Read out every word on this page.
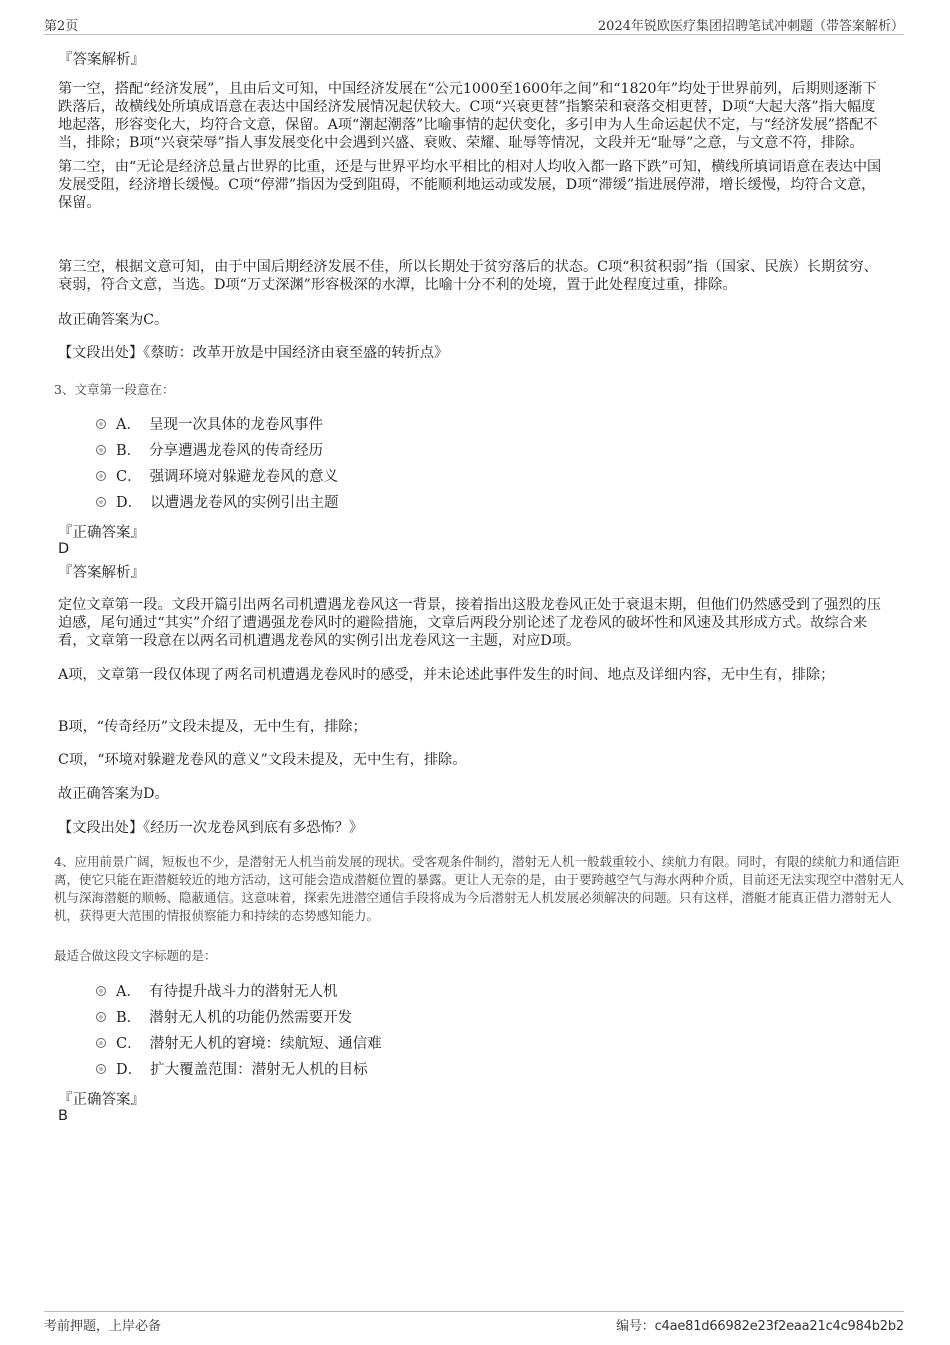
第2页	2024年锐欧医疗集团招聘笔试冲刺题（带答案解析）
『答案解析』
第一空，搭配“经济发展”，且由后文可知，中国经济发展在“公元1000至1600年之间”和“1820年”均处于世界前列，后期则逐渐下跌落后，故横线处所填成语意在表达中国经济发展情况起伏较大。C项“兴衰更替”指繁荣和衰落交相更替，D项“大起大落”指大幅度地起落，形容变化大，均符合文意，保留。A项“潮起潮落”比喻事情的起伏变化，多引申为人生命运起伏不定，与“经济发展”搭配不当，排除；B项“兴衰荣辱”指人事发展变化中会遇到兴盛、衰败、荣耀、耻辱等情况，文段并无“耻辱”之意，与文意不符，排除。
第二空，由“无论是经济总量占世界的比重，还是与世界平均水平相比的相对人均收入都一路下跌”可知，横线所填词语意在表达中国发展受阻，经济增长缓慢。C项“停滞”指因为受到阻碍，不能顺利地运动或发展，D项“滞缓”指进展停滞，增长缓慢，均符合文意，保留。
第三空，根据文意可知，由于中国后期经济发展不佳，所以长期处于贫穷落后的状态。C项“积贫积弱”指（国家、民族）长期贫穷、衰弱，符合文意，当选。D项“万丈深渊”形容极深的水潭，比喻十分不利的处境，置于此处程度过重，排除。
故正确答案为C。
【文段出处】《蔡昉：改革开放是中国经济由衰至盛的转折点》
3、文章第一段意在：
A． 呈现一次具体的龙卷风事件
B． 分享遭遇龙卷风的传奇经历
C． 强调环境对躲避龙卷风的意义
D． 以遭遇龙卷风的实例引出主题
『正确答案』
D
『答案解析』
定位文章第一段。文段开篇引出两名司机遭遇龙卷风这一背景，接着指出这股龙卷风正处于衰退末期，但他们仍然感受到了强烈的压迫感，尾句通过“其实”介绍了遭遇强龙卷风时的避险措施，文章后两段分别论述了龙卷风的破坏性和风速及其形成方式。故综合来看，文章第一段意在以两名司机遭遇龙卷风的实例引出龙卷风这一主题，对应D项。
A项，文章第一段仅体现了两名司机遭遇龙卷风时的感受，并未论述此事件发生的时间、地点及详细内容，无中生有，排除；
B项，“传奇经历”文段未提及，无中生有，排除；
C项，“环境对躲避龙卷风的意义”文段未提及，无中生有，排除。
故正确答案为D。
【文段出处】《经历一次龙卷风到底有多恐怖？》
4、应用前景广阔，短板也不少，是潜射无人机当前发展的现状。受客观条件制约，潜射无人机一般载重较小、续航力有限。同时，有限的续航力和通信距离，使它只能在距潜艇较近的地方活动，这可能会造成潜艇位置的暴露。更让人无奈的是，由于要跨越空气与海水两种介质，目前还无法实现空中潜射无人机与深海潜艇的顺畅、隐蔽通信。这意味着，探索先进潜空通信手段将成为今后潜射无人机发展必须解决的问题。只有这样，潜艇才能真正借力潜射无人机，获得更大范围的情报侦察能力和持续的态势感知能力。
最适合做这段文字标题的是：
A． 有待提升战斗力的潜射无人机
B． 潜射无人机的功能仍然需要开发
C． 潜射无人机的窘境：续航短、通信难
D． 扩大覆盖范围：潜射无人机的目标
『正确答案』
B
考前押题，上岸必备	编号：c4ae81d66982e23f2eaa21c4c984b2b2
